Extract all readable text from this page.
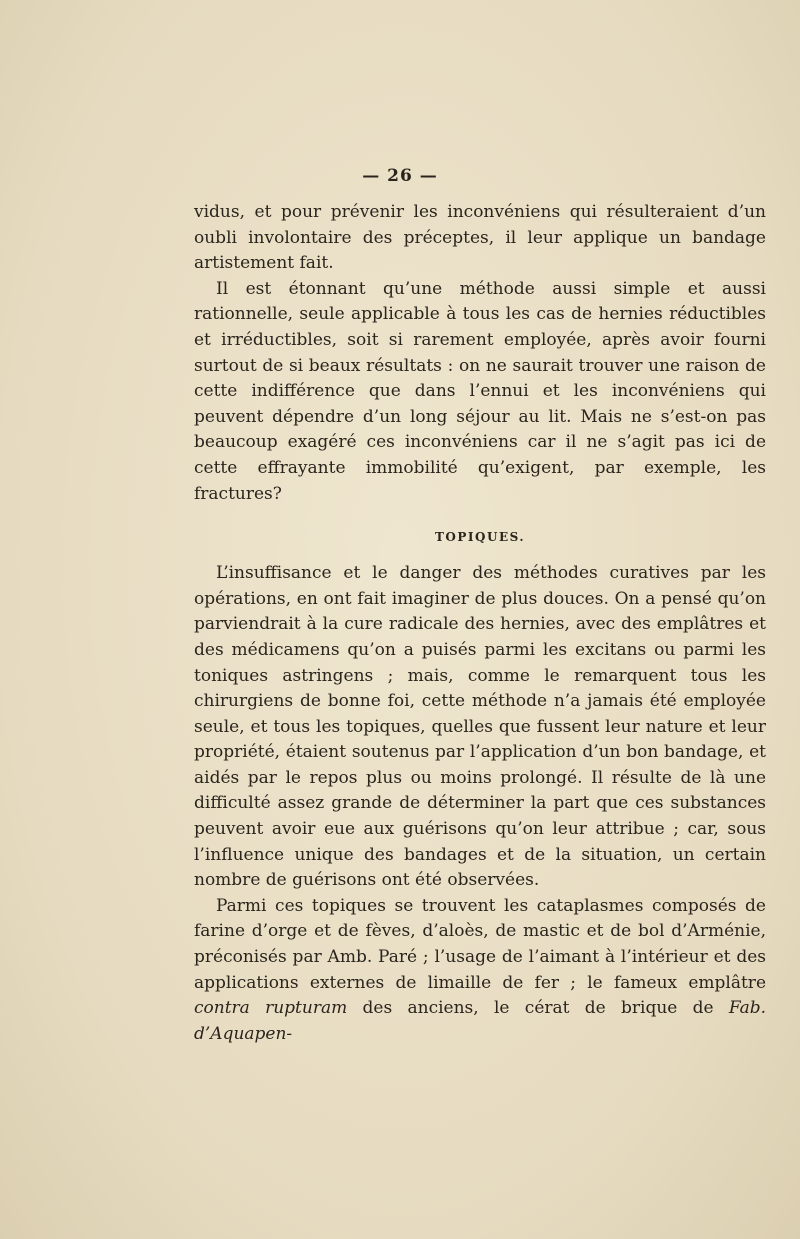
— 26 —

vidus, et pour prévenir les inconvéniens qui résulteraient d’un oubli involontaire des préceptes, il leur applique un bandage artistement fait.

Il est étonnant qu’une méthode aussi simple et aussi rationnelle, seule applicable à tous les cas de hernies réductibles et irréductibles, soit si rarement employée, après avoir fourni surtout de si beaux résultats : on ne saurait trouver une raison de cette indifférence que dans l’ennui et les inconvéniens qui peuvent dépendre d’un long séjour au lit. Mais ne s’est-on pas beaucoup exagéré ces inconvéniens car il ne s’agit pas ici de cette effrayante immobilité qu’exigent, par exemple, les fractures?

TOPIQUES.

L’insuffisance et le danger des méthodes curatives par les opérations, en ont fait imaginer de plus douces. On a pensé qu’on parviendrait à la cure radicale des hernies, avec des emplâtres et des médicamens qu’on a puisés parmi les excitans ou parmi les toniques astringens ; mais, comme le remarquent tous les chirurgiens de bonne foi, cette méthode n’a jamais été employée seule, et tous les topiques, quelles que fussent leur nature et leur propriété, étaient soutenus par l’application d’un bon bandage, et aidés par le repos plus ou moins prolongé. Il résulte de là une difficulté assez grande de déterminer la part que ces substances peuvent avoir eue aux guérisons qu’on leur attribue ; car, sous l’influence unique des bandages et de la situation, un certain nombre de guérisons ont été observées.

Parmi ces topiques se trouvent les cataplasmes composés de farine d’orge et de fèves, d’aloès, de mastic et de bol d’Arménie, préconisés par Amb. Paré ; l’usage de l’aimant à l’intérieur et des applications externes de limaille de fer ; le fameux emplâtre contra rupturam des anciens, le cérat de brique de Fab. d’Aquapen-
